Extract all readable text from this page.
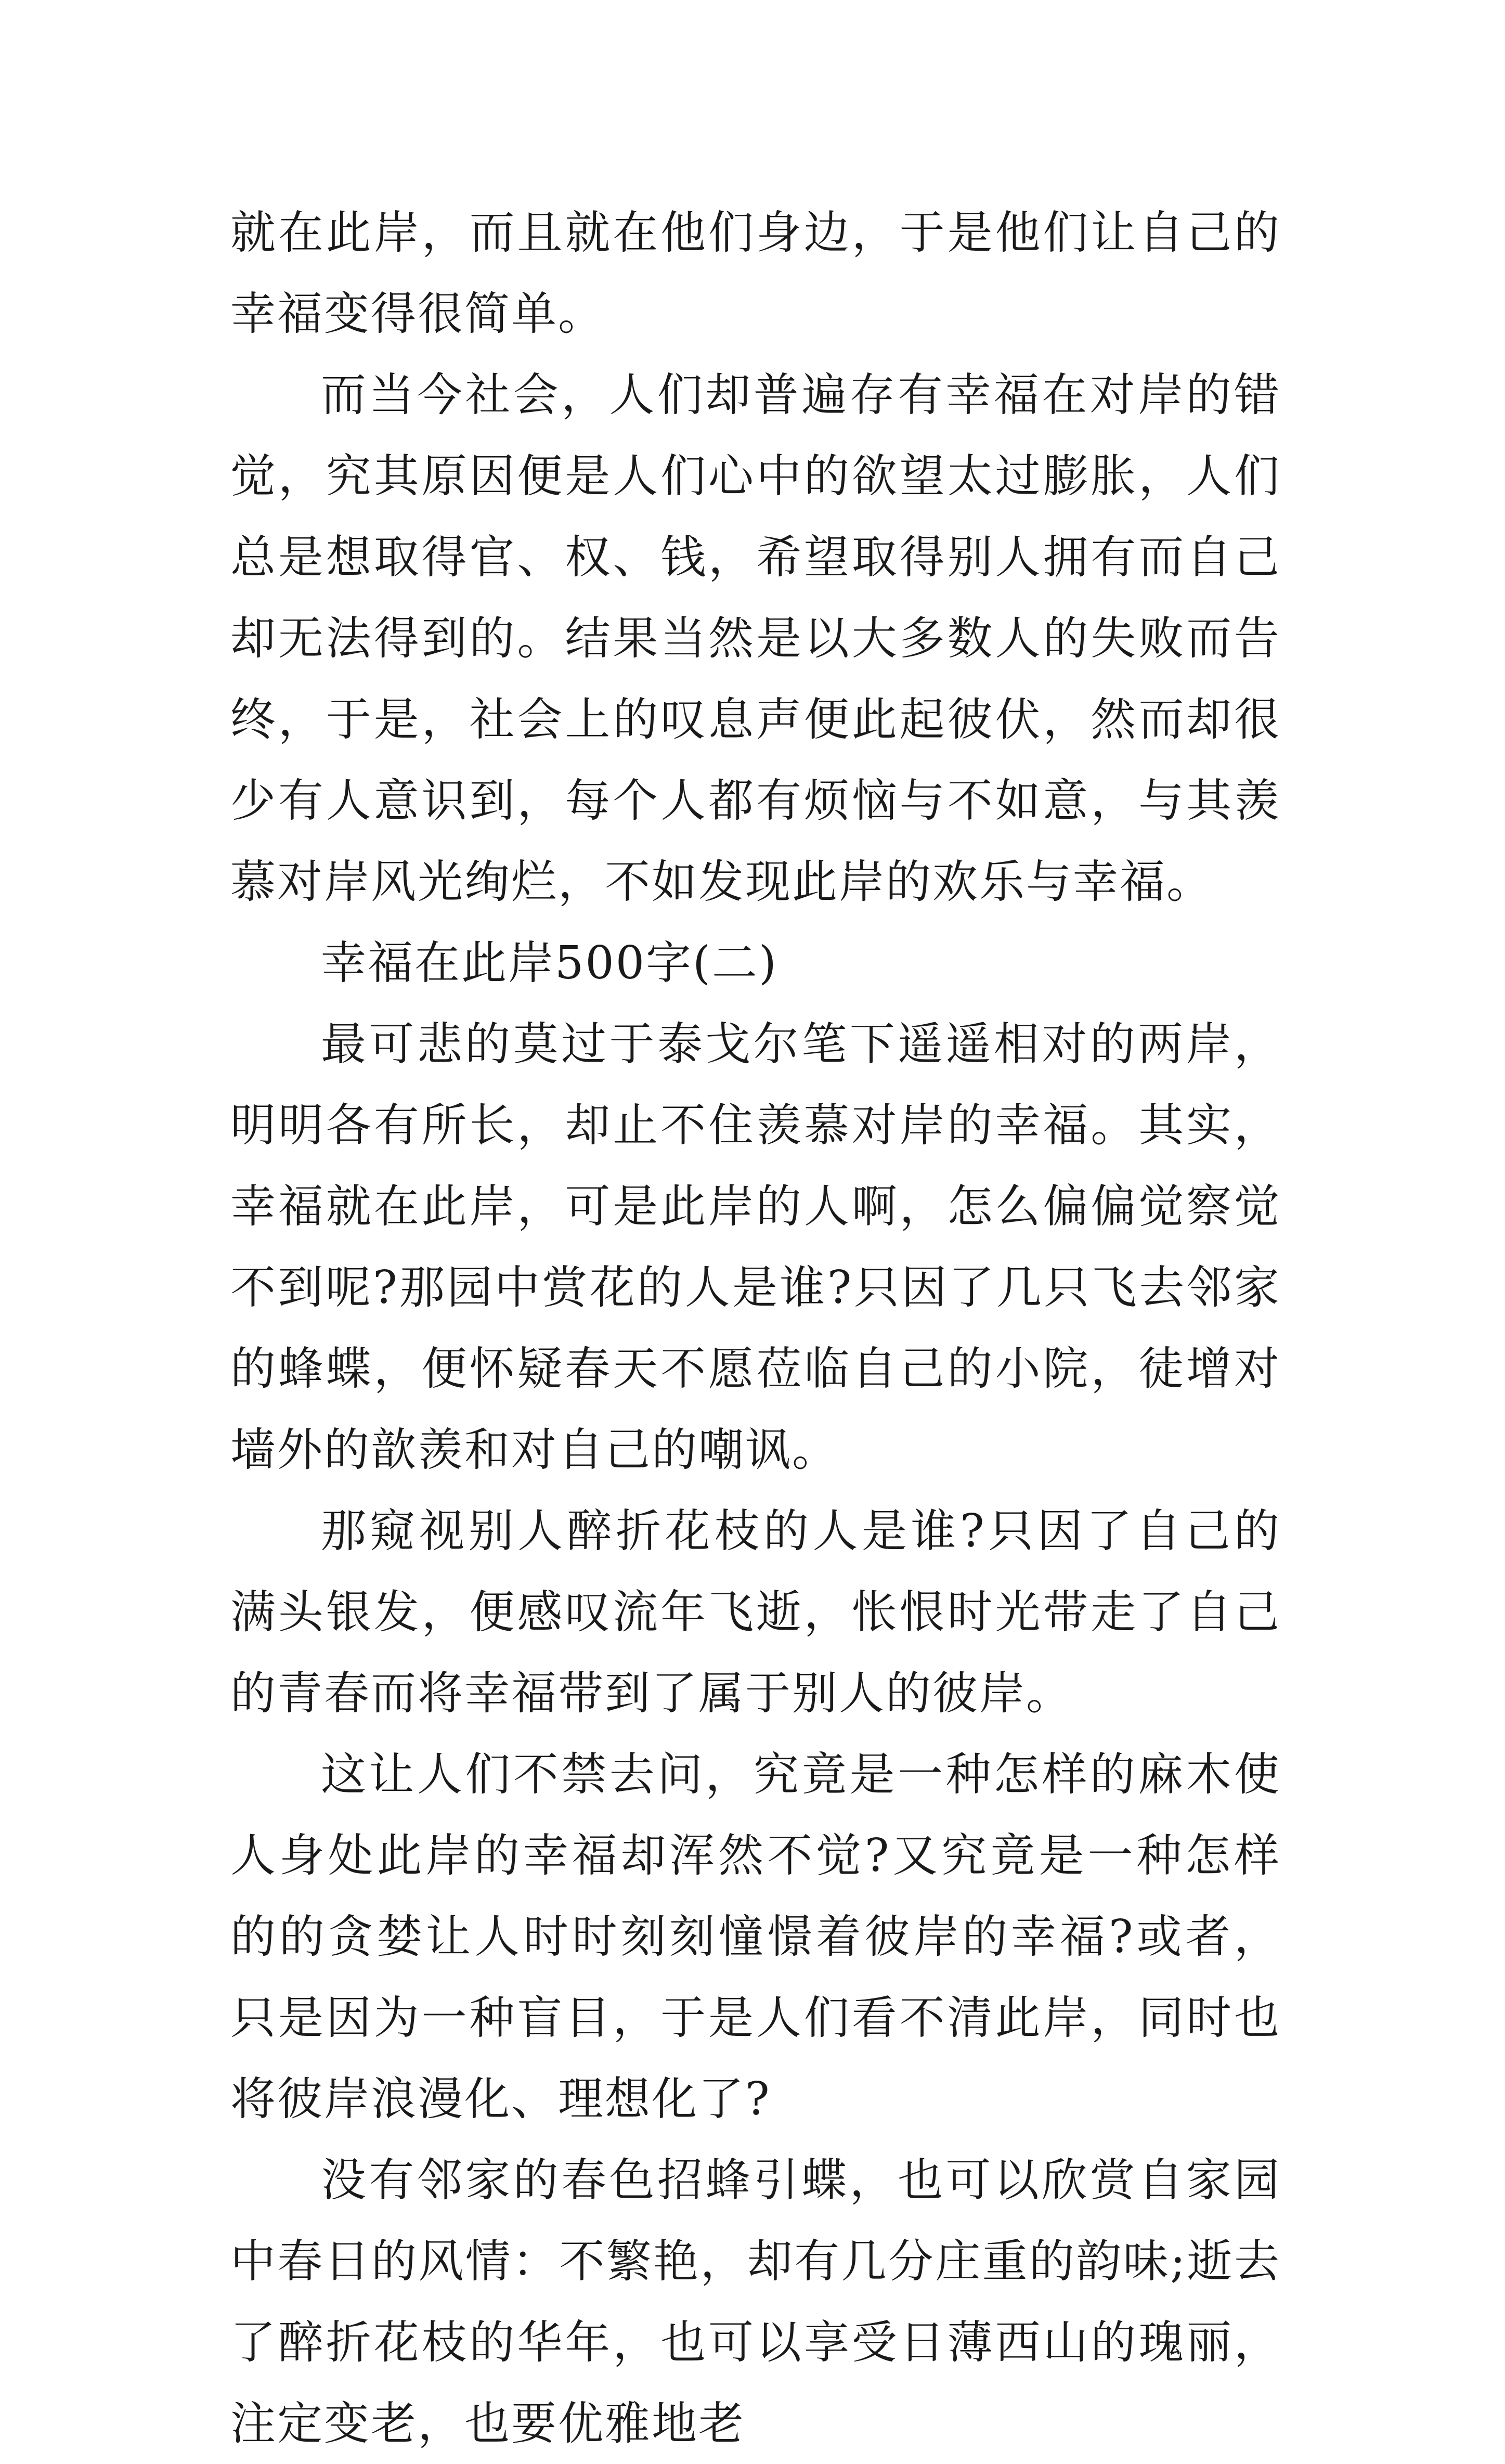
就在此岸，而且就在他们身边，于是他们让自己的幸福变得很简单。

而当今社会，人们却普遍存有幸福在对岸的错觉，究其原因便是人们心中的欲望太过膨胀，人们总是想取得官、权、钱，希望取得别人拥有而自己却无法得到的。结果当然是以大多数人的失败而告终，于是，社会上的叹息声便此起彼伏，然而却很少有人意识到，每个人都有烦恼与不如意，与其羡慕对岸风光绚烂，不如发现此岸的欢乐与幸福。

幸福在此岸500字(二)

最可悲的莫过于泰戈尔笔下遥遥相对的两岸，明明各有所长，却止不住羡慕对岸的幸福。其实，幸福就在此岸，可是此岸的人啊，怎么偏偏觉察觉不到呢?那园中赏花的人是谁?只因了几只飞去邻家的蜂蝶，便怀疑春天不愿莅临自己的小院，徒增对墙外的歆羡和对自己的嘲讽。

那窥视别人醉折花枝的人是谁?只因了自己的满头银发，便感叹流年飞逝，怅恨时光带走了自己的青春而将幸福带到了属于别人的彼岸。

这让人们不禁去问，究竟是一种怎样的麻木使人身处此岸的幸福却浑然不觉?又究竟是一种怎样的的贪婪让人时时刻刻憧憬着彼岸的幸福?或者，只是因为一种盲目，于是人们看不清此岸，同时也将彼岸浪漫化、理想化了?

没有邻家的春色招蜂引蝶，也可以欣赏自家园中春日的风情：不繁艳，却有几分庄重的韵味;逝去了醉折花枝的华年，也可以享受日薄西山的瑰丽，注定变老，也要优雅地老
